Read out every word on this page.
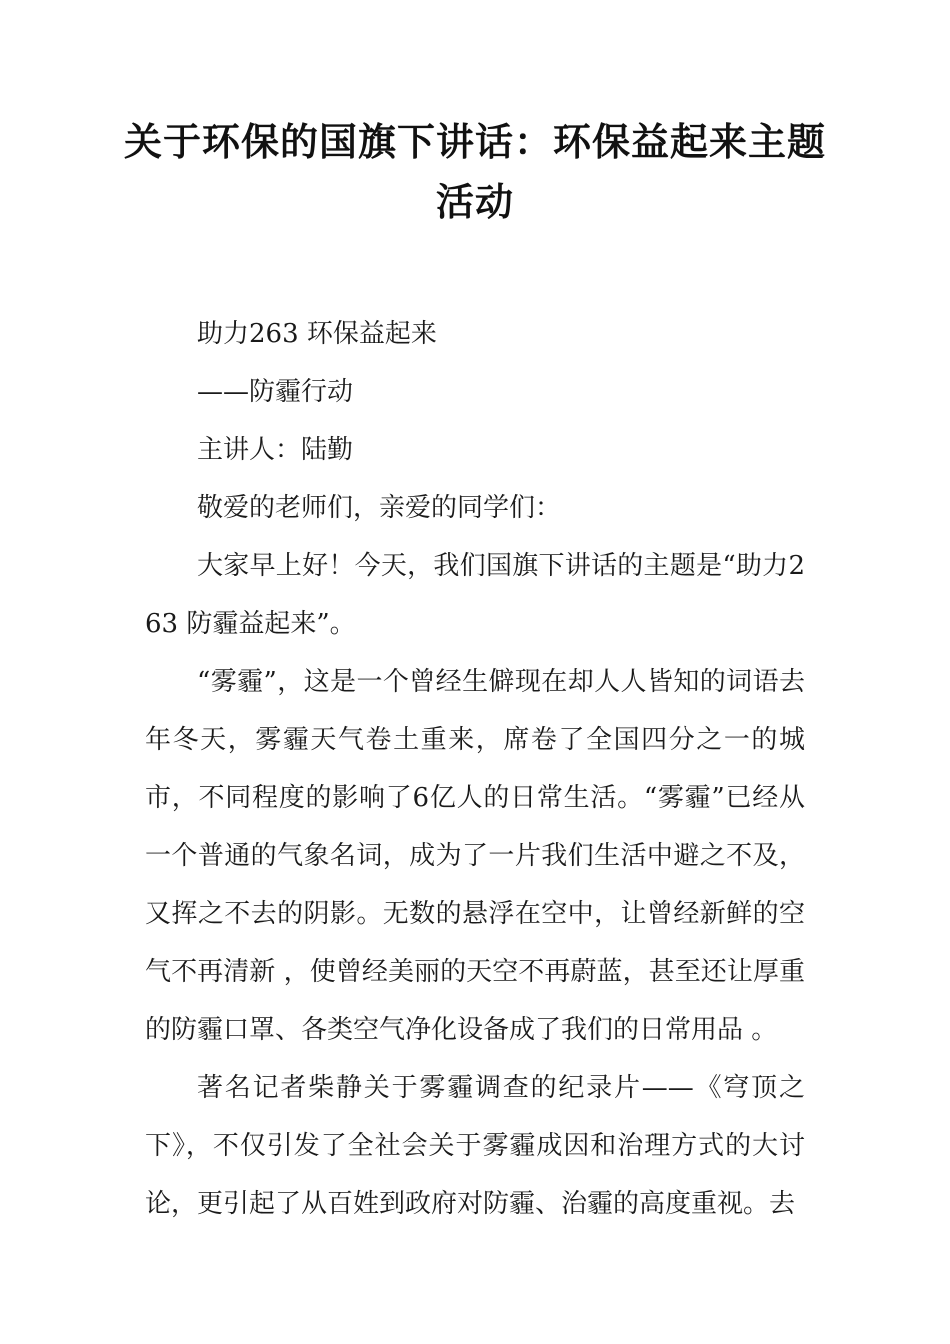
关于环保的国旗下讲话：环保益起来主题活动

助力263 环保益起来

——防霾行动

主讲人：陆勤

敬爱的老师们，亲爱的同学们：

大家早上好！今天，我们国旗下讲话的主题是“助力263 防霾益起来”。

“雾霾”，这是一个曾经生僻现在却人人皆知的词语去年冬天，雾霾天气卷土重来，席卷了全国四分之一的城市，不同程度的影响了6亿人的日常生活。“雾霾”已经从一个普通的气象名词，成为了一片我们生活中避之不及，又挥之不去的阴影。无数的悬浮在空中，让曾经新鲜的空气不再清新 ，使曾经美丽的天空不再蔚蓝，甚至还让厚重的防霾口罩、各类空气净化设备成了我们的日常用品 。

著名记者柴静关于雾霾调查的纪录片——《穹顶之下》，不仅引发了全社会关于雾霾成因和治理方式的大讨论，更引起了从百姓到政府对防霾、治霾的高度重视。去
